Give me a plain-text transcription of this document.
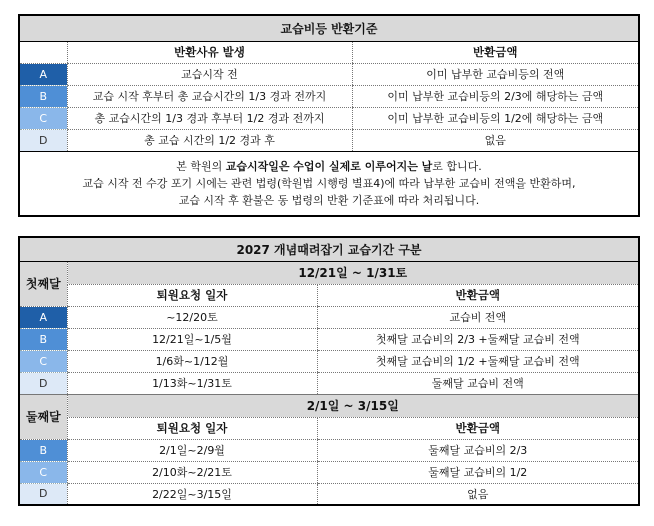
교습비등 반환기준		
	반환사유 발생	반환금액
A	교습시작 전	이미 납부한 교습비등의 전액
B	교습 시작 후부터 총 교습시간의 1/3 경과 전까지	이미 납부한 교습비등의 2/3에 해당하는 금액
C	총 교습시간의 1/3 경과 후부터 1/2 경과 전까지	이미 납부한 교습비등의 1/2에 해당하는 금액
D	총 교습 시간의 1/2 경과 후	없음

본 학원의 교습시작일은 수업이 실제로 이루어지는 날로 합니다.
교습 시작 전 수강 포기 시에는 관련 법령(학원법 시행령 별표4)에 따라 납부한 교습비 전액을 반환하며,
교습 시작 후 환불은 동 법령의 반환 기준표에 따라 처리됩니다.		
2027 개념때려잡기 교습기간 구분		
첫째달	12/21일 ~ 1/31토	
	퇴원요청 일자	반환금액
A	~12/20토	교습비 전액
B	12/21일~1/5월	첫째달 교습비의 2/3 +둘째달 교습비 전액
C	1/6화~1/12월	첫째달 교습비의 1/2 +둘째달 교습비 전액
D	1/13화~1/31토	둘째달 교습비 전액
둘째달	2/1일 ~ 3/15일	
	퇴원요청 일자	반환금액
B	2/1일~2/9월	둘째달 교습비의 2/3
C	2/10화~2/21토	둘째달 교습비의 1/2
D	2/22일~3/15일	없음
